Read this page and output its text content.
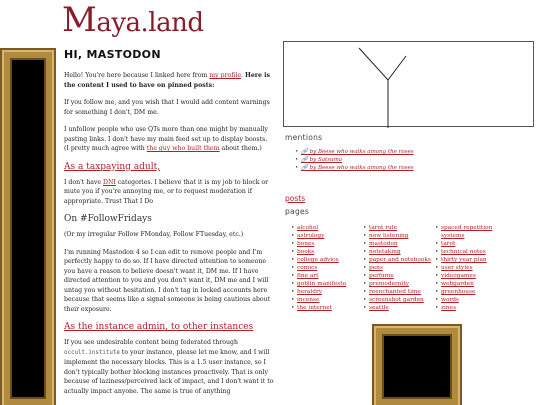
Maya.land
HI, MASTODON

Hello! You're here because I linked here from my profile. Here is the content I used to have on pinned posts:

If you follow me, and you wish that I would add content warnings for something I don't, DM me.

I unfollow people who use QTs more than one might by manually pasting links. I don't have my main feed set up to display boosts. (I pretty much agree with the guy who built them about them.)

As a taxpaying adult,

I don't have DNI categories. I believe that it is my job to block or mute you if you're annoying me, or to request moderation if appropriate. Trust That I Do

On #FollowFridays

(Or my irregular Follow FMonday, Follow FTuesday, etc.)

I'm running Mastodon 4 so I can edit to remove people and I'm perfectly happy to do so. If I have directed attention to someone you have a reason to believe doesn't want it, DM me. If I have directed attention to you and you don't want it, DM me and I will untag you without hesitation. I don't tag in locked accounts here because that seems like a signal someone is being cautious about their exposure.

As the instance admin, to other instances

If you see undesirable content being federated through occult.institute to your instance, please let me know, and I will implement the necessary blocks. This is a 1.5 user instance, so I don't typically bother blocking instances proactively. That is only because of laziness/perceived lack of impact, and I don't want it to actually impact anyone. The same is true of anything

mentions
• 🔗 by Beese who walks among the roses
• 🔗 by Satsuma
• 🔗 by Beese who walks among the roses
posts
pages
• alcohol
• astrology
• bones
• books
• college advice
• comics
• fine art
• goblin manifesto
• heraldry
• incense
• the internet
• tarot rule
• now listening
• mastodon
• notetaking
• paper and notebooks
• pens
• perfume
• premodernity
• reenchanted time
• screenshot garden
• seattle
• spaced repetition systems
• tarot
• technical notes
• thirty year plan
• user styles
• videogames
• webgarden
• greenhouse
• words
• zines
